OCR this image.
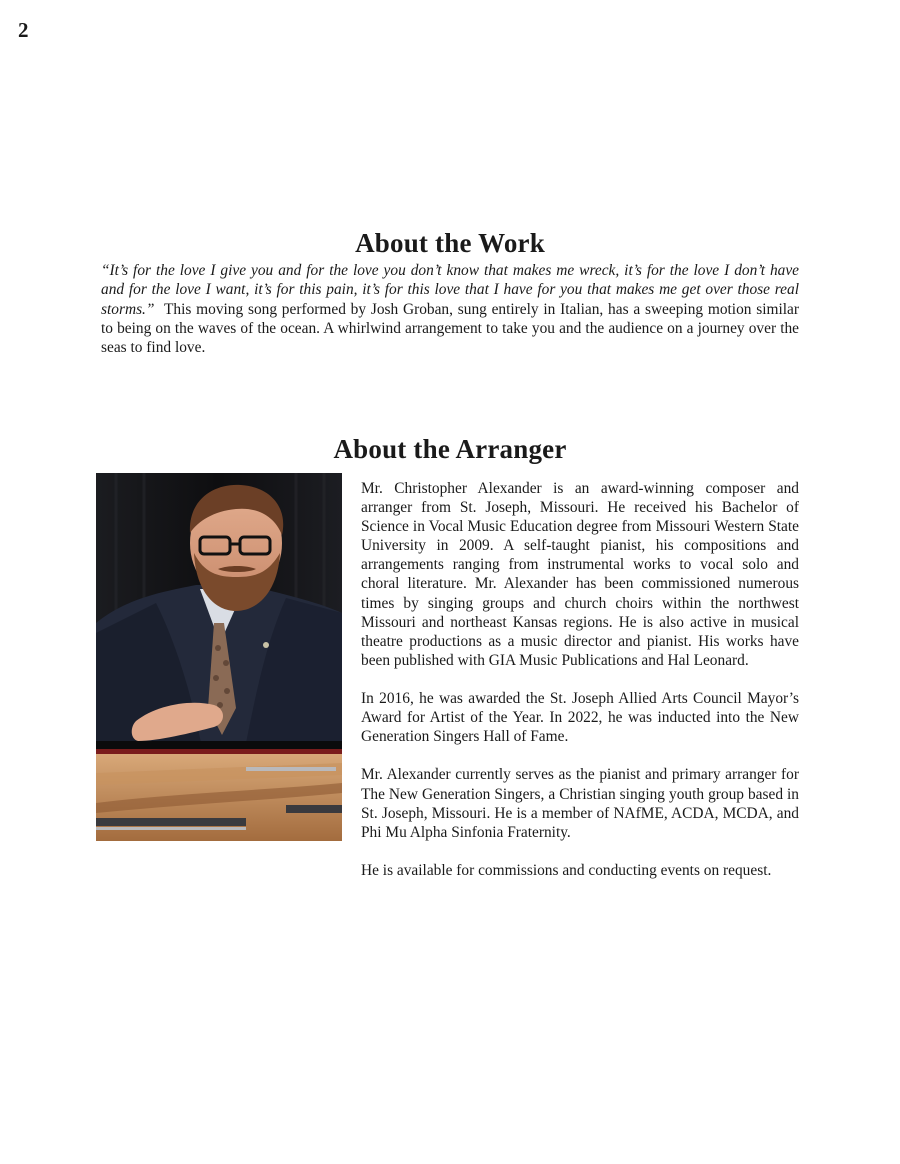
2
About the Work

“It’s for the love I give you and for the love you don’t know that makes me wreck, it’s for the love I don’t have and for the love I want, it’s for this pain, it’s for this love that I have for you that makes me get over those real storms.” This moving song performed by Josh Groban, sung entirely in Italian, has a sweeping motion similar to being on the waves of the ocean. A whirlwind arrangement to take you and the audience on a journey over the seas to find love.

About the Arranger

Mr. Christopher Alexander is an award-winning composer and arranger from St. Joseph, Missouri. He received his Bachelor of Science in Vocal Music Education degree from Missouri Western State University in 2009. A self-taught pianist, his compositions and arrangements ranging from instrumental works to vocal solo and choral literature. Mr. Alexander has been commissioned numerous times by singing groups and church choirs within the northwest Missouri and northeast Kansas regions. He is also active in musical theatre productions as a music director and pianist. His works have been published with GIA Music Publications and Hal Leonard.

In 2016, he was awarded the St. Joseph Allied Arts Council Mayor’s Award for Artist of the Year. In 2022, he was inducted into the New Generation Singers Hall of Fame.

Mr. Alexander currently serves as the pianist and primary arranger for The New Generation Singers, a Christian singing youth group based in St. Joseph, Missouri. He is a member of NAfME, ACDA, MCDA, and Phi Mu Alpha Sinfonia Fraternity.

He is available for commissions and conducting events on request.
